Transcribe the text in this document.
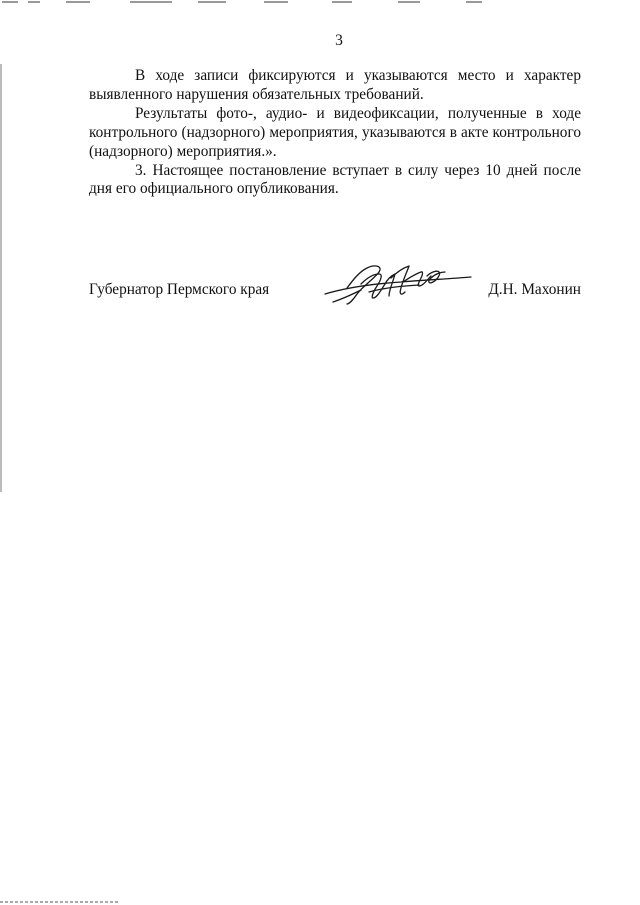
3

В ходе записи фиксируются и указываются место и характер выявленного нарушения обязательных требований.

Результаты фото-, аудио- и видеофиксации, полученные в ходе контрольного (надзорного) мероприятия, указываются в акте контрольного (надзорного) мероприятия.».

3. Настоящее постановление вступает в силу через 10 дней после дня его официального опубликования.

Губернатор Пермского края	Д.Н. Махонин
